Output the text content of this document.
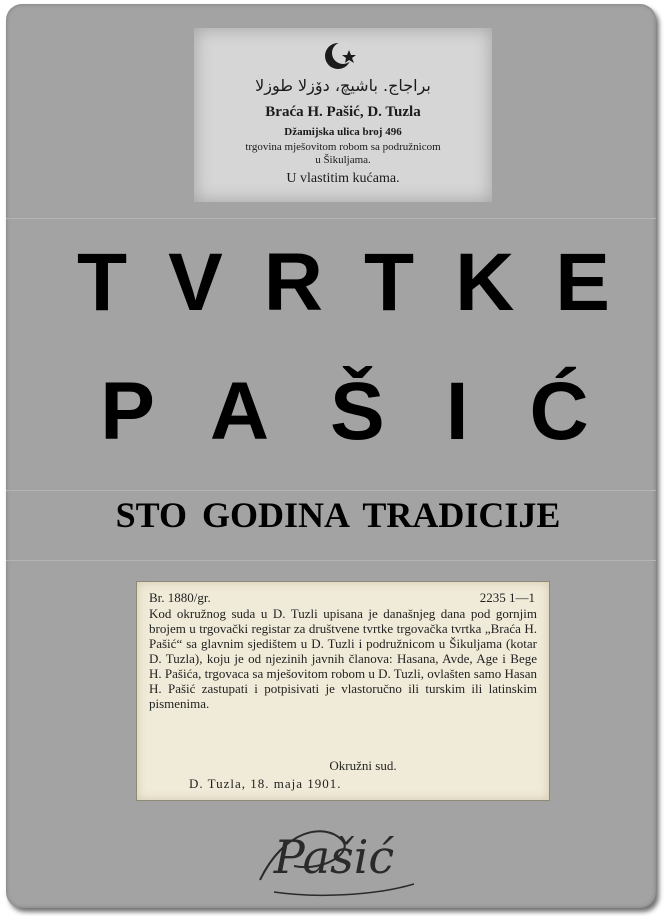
براجاج. باشيچ، دۆزلا طوزلا
Braća H. Pašić, D. Tuzla
Džamijska ulica broj 496
trgovina mješovitom robom sa podružnicom
u Šikuljama.
U vlastitim kućama.
TVRTKE
PAŠIĆ
STO GODINA TRADICIJE
Br. 1880/gr.	2235 1—1
Kod okružnog suda u D. Tuzli upisana je današnjeg dana pod gornjim brojem u trgovački registar za društvene tvrtke trgovačka tvrtka „Braća H. Pašić“ sa glavnim sjedištem u D. Tuzli i podružnicom u Šikuljama (kotar D. Tuzla), koju je od njezinih javnih članova: Hasana, Avde, Age i Bege H. Pašića, trgovaca sa mješovitom robom u D. Tuzli, ovlašten samo Hasan H. Pašić zastupati i potpisivati je vlastoručno ili turskim ili latinskim pismenima.
Okružni sud.
D. Tuzla, 18. maja 1901.
Pašić
